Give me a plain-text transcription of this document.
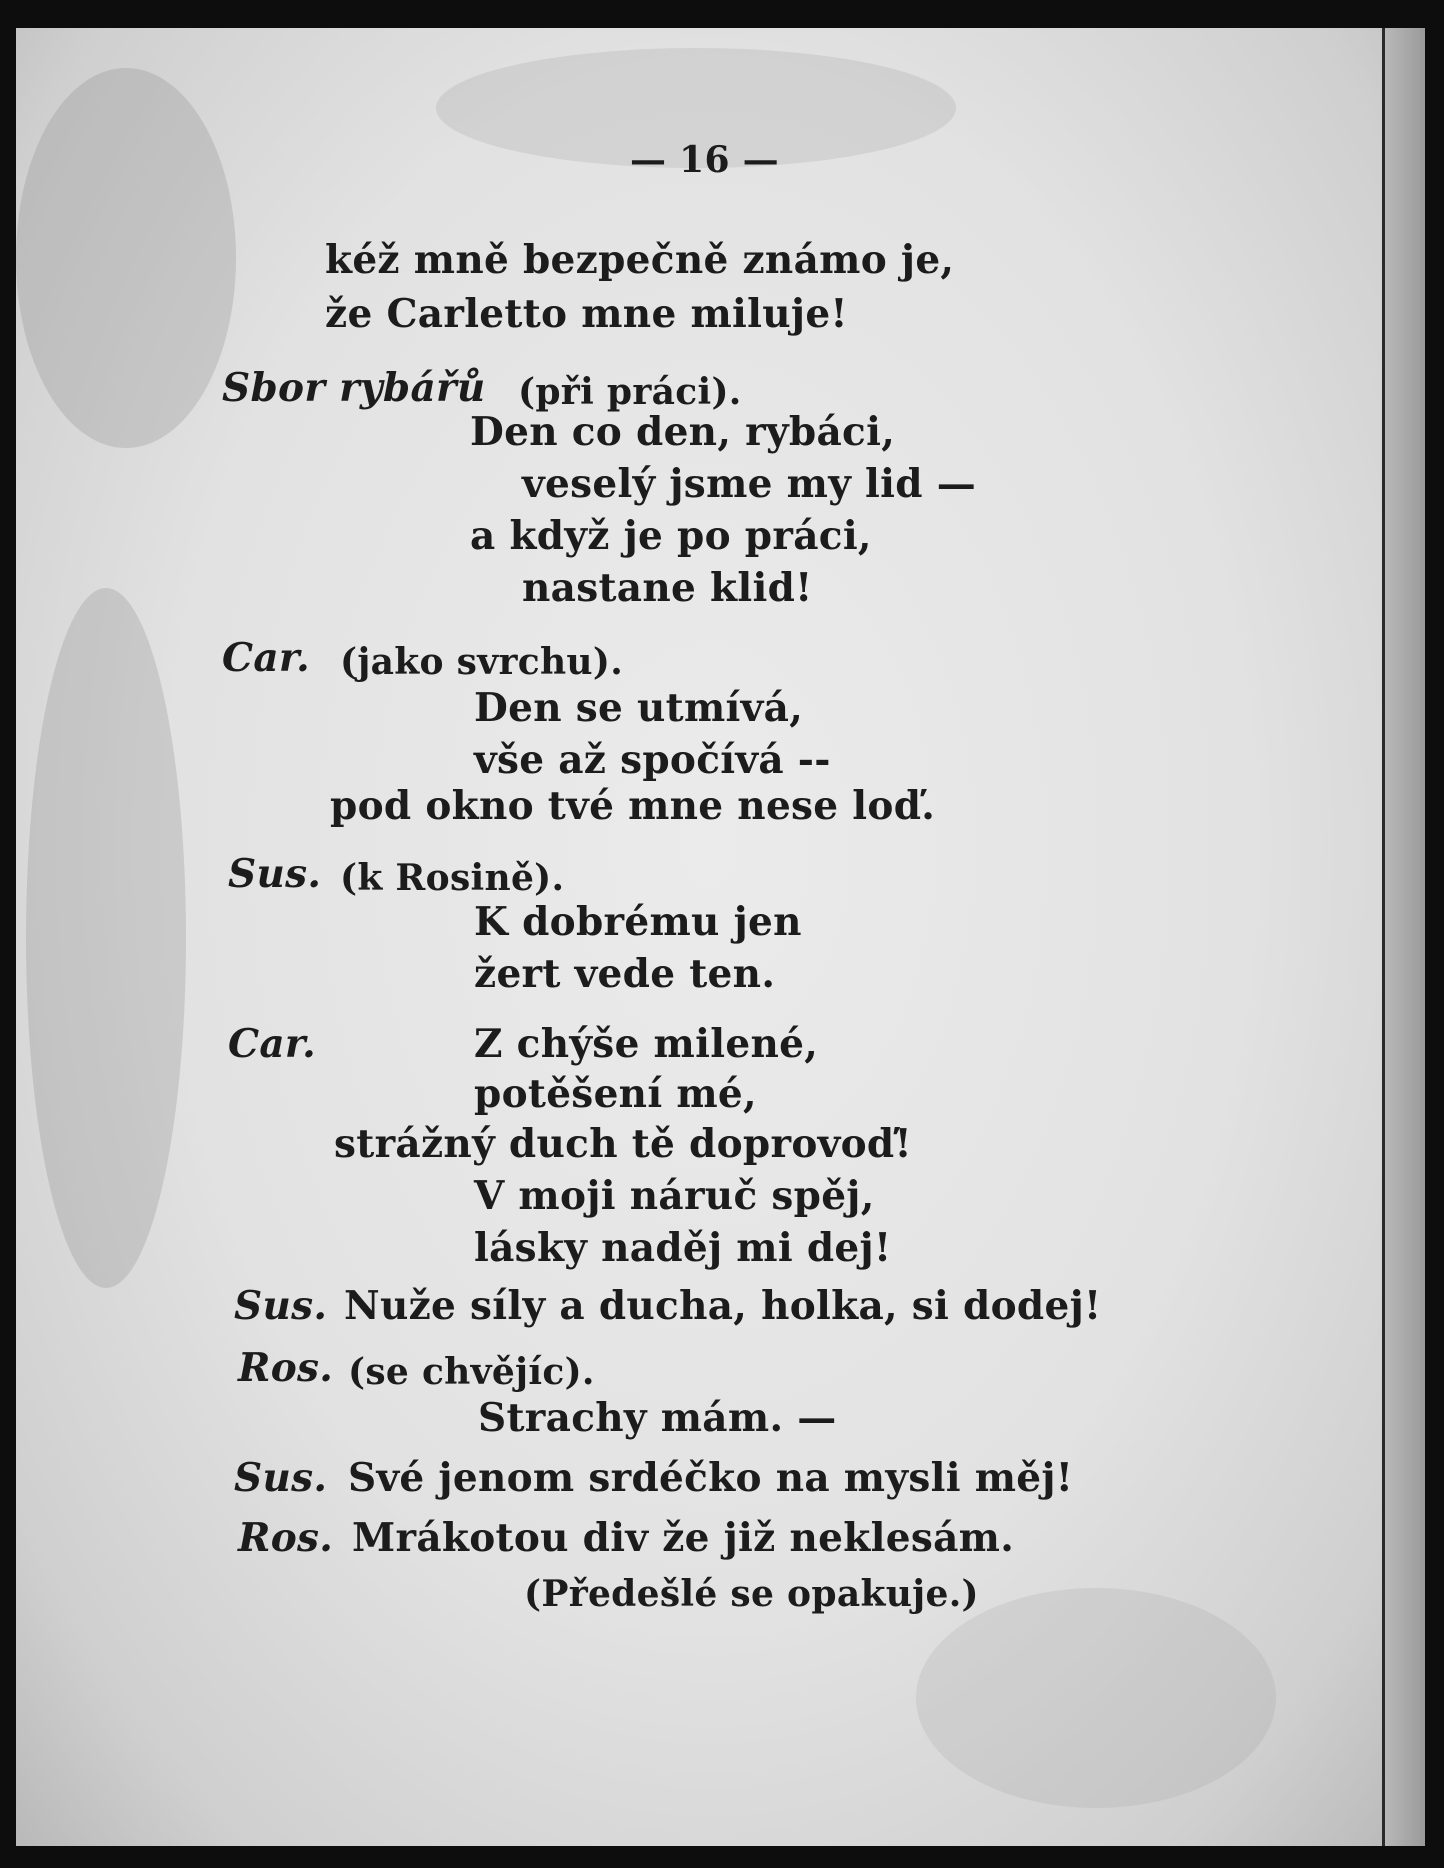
— 16 —
kéž mně bezpečně známo je,
že Carletto mne miluje!
Sbor rybářů (při práci).
Den co den, rybáci,
veselý jsme my lid —
a když je po práci,
nastane klid!
Car. (jako svrchu).
Den se utmívá,
vše až spočívá --
pod okno tvé mne nese loď.
Sus. (k Rosině).
K dobrému jen
žert vede ten.
Car.	Z chýše milené,
potěšení mé,
strážný duch tě doprovoď!
V moji náruč spěj,
lásky naděj mi dej!
Sus. Nuže síly a ducha, holka, si dodej!
Ros. (se chvějíc).
Strachy mám. —
Sus. Své jenom srdéčko na mysli měj!
Ros. Mrákotou div že již neklesám.
(Předešlé se opakuje.)
